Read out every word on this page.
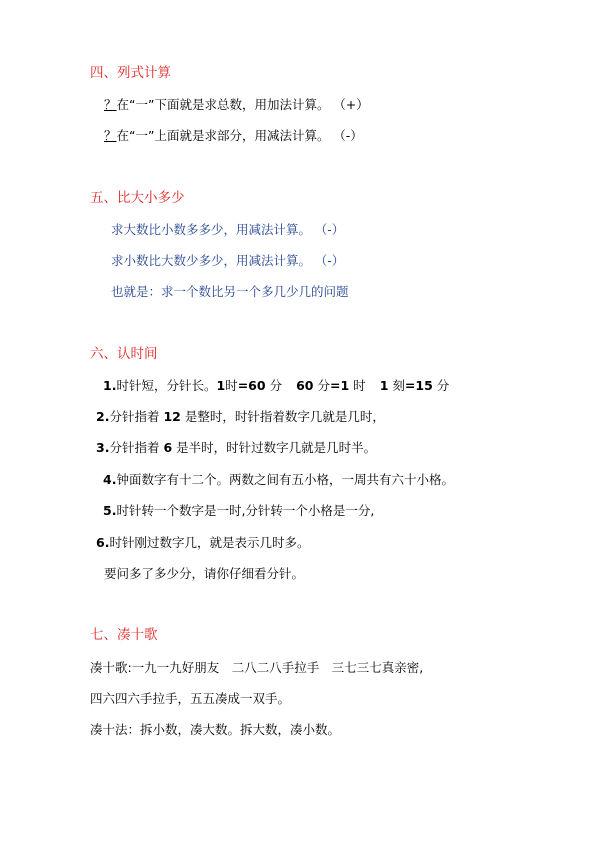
四、列式计算
？在“一”下面就是求总数，用加法计算。 （+）
？在“一”上面就是求部分，用减法计算。 （-）
五、比大小多少
求大数比小数多多少，用减法计算。 （-）
求小数比大数少多少，用减法计算。 （-）
也就是：求一个数比另一个多几少几的问题
六、认时间
1.时针短，分针长。1时=60 分 60 分=1 时 1 刻=15 分
2.分针指着 12 是整时，时针指着数字几就是几时，
3.分针指着 6 是半时，时针过数字几就是几时半。
4.钟面数字有十二个。两数之间有五小格，一周共有六十小格。
5.时针转一个数字是一时,分针转一个小格是一分,
6.时针刚过数字几，就是表示几时多。
要问多了多少分，请你仔细看分针。
七、凑十歌
凑十歌:一九一九好朋友　二八二八手拉手　三七三七真亲密,
四六四六手拉手，五五凑成一双手。
凑十法：拆小数，凑大数。拆大数，凑小数。
